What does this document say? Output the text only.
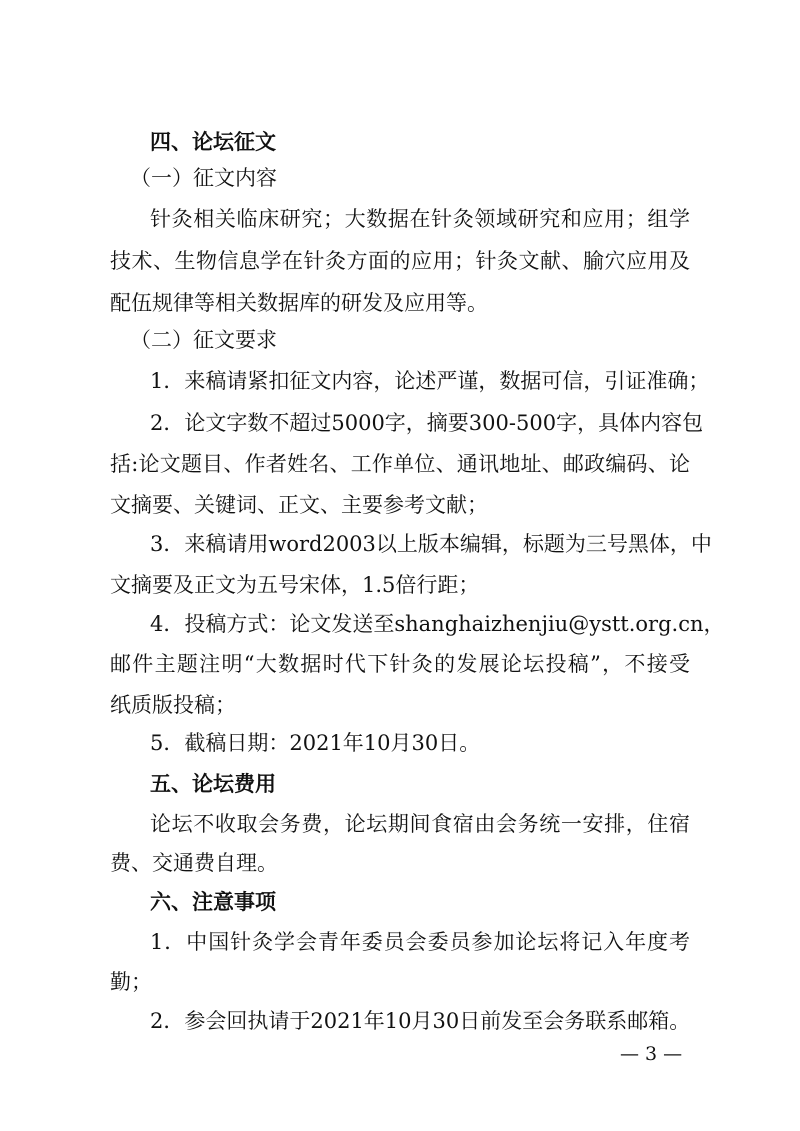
四、论坛征文
（一）征文内容
针灸相关临床研究；大数据在针灸领域研究和应用；组学
技术、生物信息学在针灸方面的应用；针灸文献、腧穴应用及
配伍规律等相关数据库的研发及应用等。
（二）征文要求
1．来稿请紧扣征文内容，论述严谨，数据可信，引证准确；
2．论文字数不超过5000字，摘要300-500字，具体内容包
括:论文题目、作者姓名、工作单位、通讯地址、邮政编码、论
文摘要、关键词、正文、主要参考文献；
3．来稿请用word2003以上版本编辑，标题为三号黑体，中
文摘要及正文为五号宋体，1.5倍行距；
4．投稿方式：论文发送至shanghaizhenjiu@ystt.org.cn，
邮件主题注明“大数据时代下针灸的发展论坛投稿”，不接受
纸质版投稿；
5．截稿日期：2021年10月30日。
五、论坛费用
论坛不收取会务费，论坛期间食宿由会务统一安排，住宿
费、交通费自理。
六、注意事项
1．中国针灸学会青年委员会委员参加论坛将记入年度考
勤；
2．参会回执请于2021年10月30日前发至会务联系邮箱。
— 3 —
